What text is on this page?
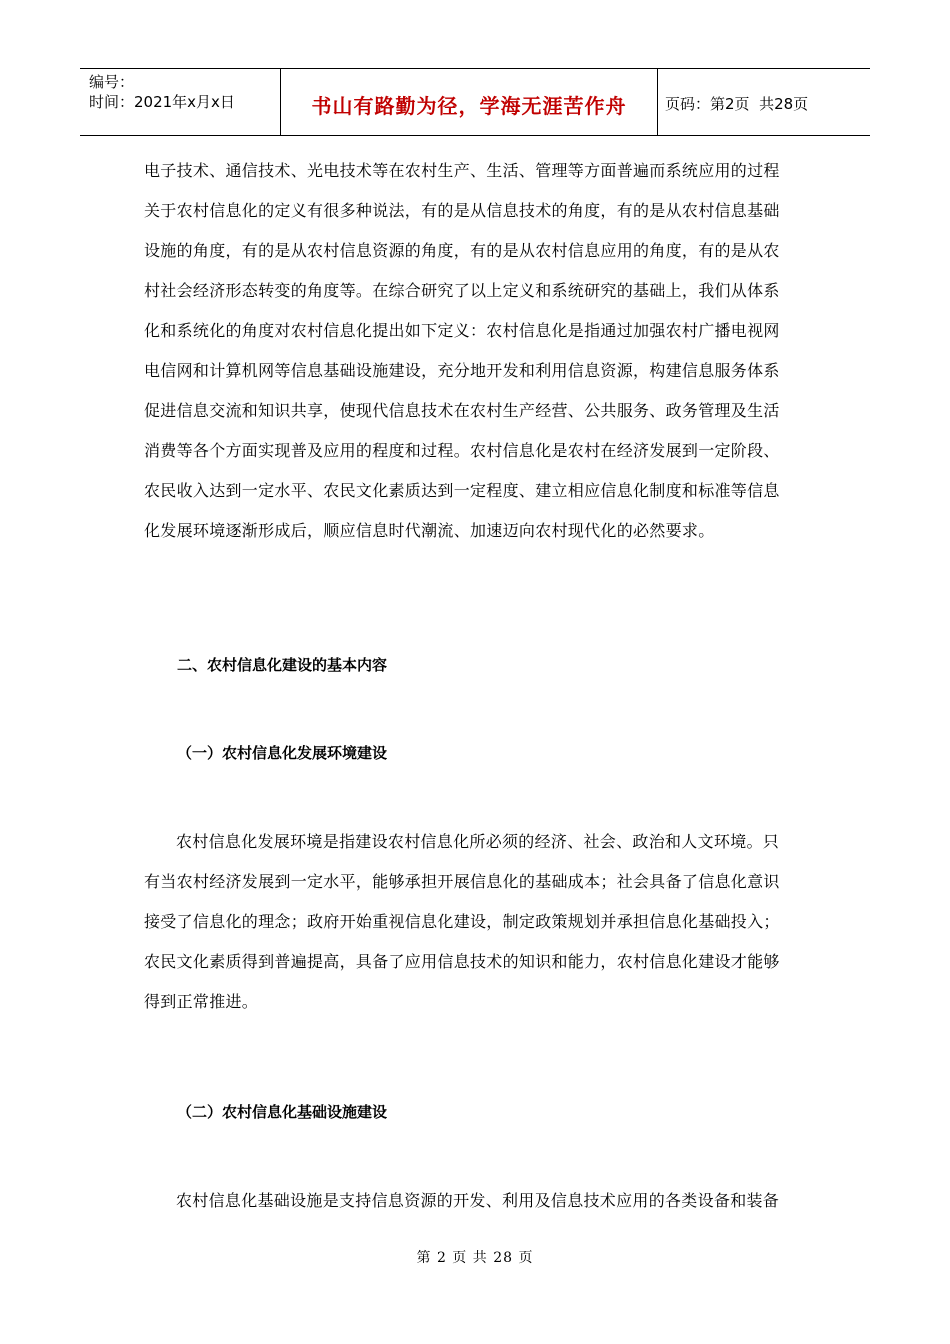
编号：
时间：2021年x月x日	书山有路勤为径，学海无涯苦作舟	页码：第2页  共28页
电子技术、通信技术、光电技术等在农村生产、生活、管理等方面普遍而系统应用的过程
关于农村信息化的定义有很多种说法，有的是从信息技术的角度，有的是从农村信息基础
设施的角度，有的是从农村信息资源的角度，有的是从农村信息应用的角度，有的是从农
村社会经济形态转变的角度等。在综合研究了以上定义和系统研究的基础上，我们从体系
化和系统化的角度对农村信息化提出如下定义：农村信息化是指通过加强农村广播电视网
电信网和计算机网等信息基础设施建设，充分地开发和利用信息资源，构建信息服务体系
促进信息交流和知识共享，使现代信息技术在农村生产经营、公共服务、政务管理及生活
消费等各个方面实现普及应用的程度和过程。农村信息化是农村在经济发展到一定阶段、
农民收入达到一定水平、农民文化素质达到一定程度、建立相应信息化制度和标准等信息
化发展环境逐渐形成后，顺应信息时代潮流、加速迈向农村现代化的必然要求。
二、农村信息化建设的基本内容
（一）农村信息化发展环境建设
农村信息化发展环境是指建设农村信息化所必须的经济、社会、政治和人文环境。只
有当农村经济发展到一定水平，能够承担开展信息化的基础成本；社会具备了信息化意识
接受了信息化的理念；政府开始重视信息化建设，制定政策规划并承担信息化基础投入；
农民文化素质得到普遍提高，具备了应用信息技术的知识和能力，农村信息化建设才能够
得到正常推进。
（二）农村信息化基础设施建设
农村信息化基础设施是支持信息资源的开发、利用及信息技术应用的各类设备和装备
第 2 页 共 28 页
